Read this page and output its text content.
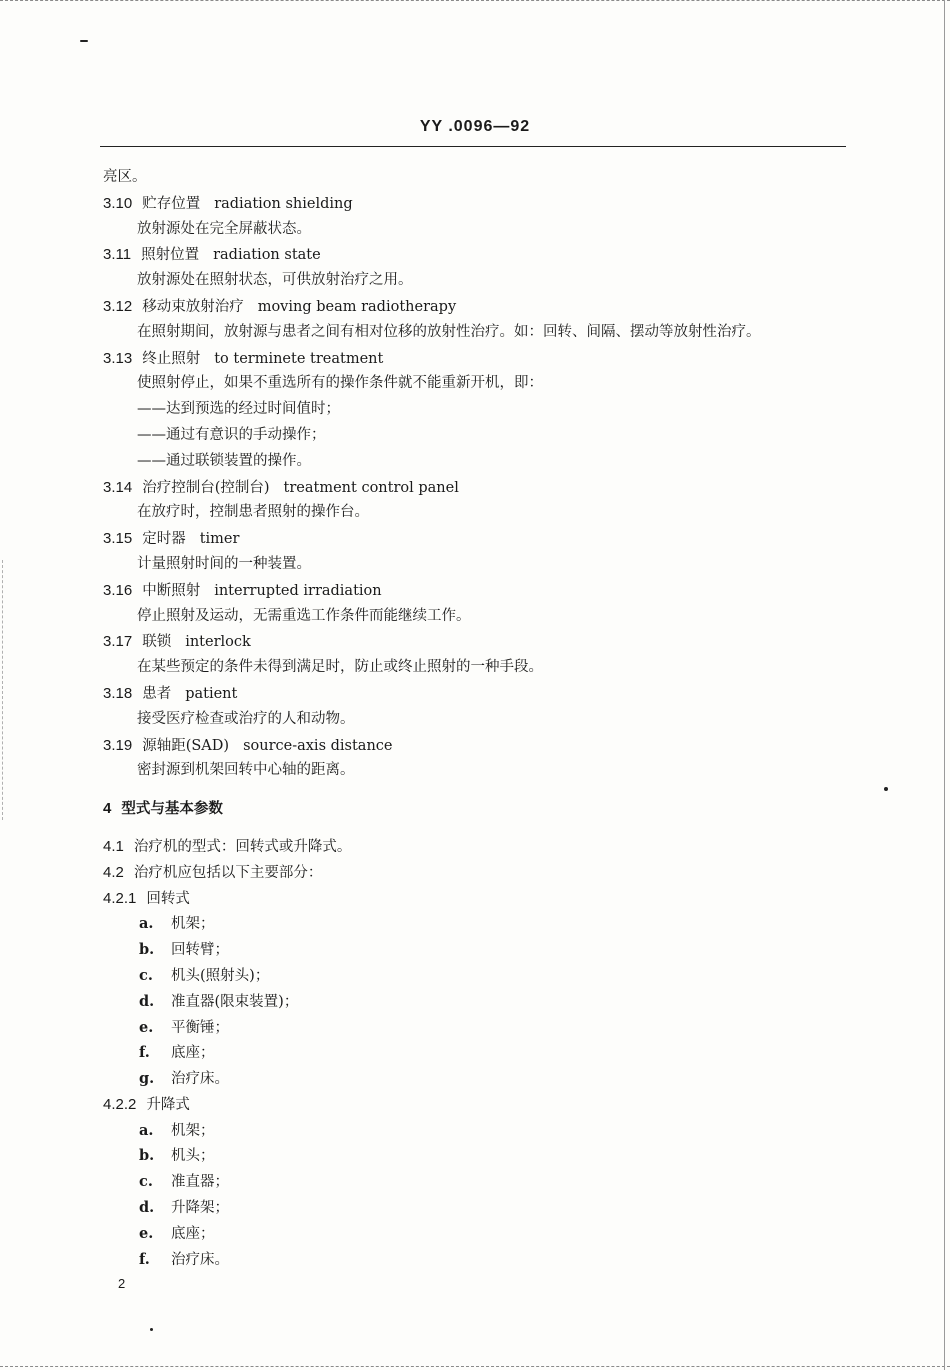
YY .0096—92
亮区。
3.10 贮存位置 radiation shielding
放射源处在完全屏蔽状态。
3.11 照射位置 radiation state
放射源处在照射状态，可供放射治疗之用。
3.12 移动束放射治疗 moving beam radiotherapy
在照射期间，放射源与患者之间有相对位移的放射性治疗。如：回转、间隔、摆动等放射性治疗。
3.13 终止照射 to terminete treatment
使照射停止，如果不重选所有的操作条件就不能重新开机，即：
——达到预选的经过时间值时；
——通过有意识的手动操作；
——通过联锁装置的操作。
3.14 治疗控制台(控制台) treatment control panel
在放疗时，控制患者照射的操作台。
3.15 定时器 timer
计量照射时间的一种装置。
3.16 中断照射 interrupted irradiation
停止照射及运动，无需重选工作条件而能继续工作。
3.17 联锁 interlock
在某些预定的条件未得到满足时，防止或终止照射的一种手段。
3.18 患者 patient
接受医疗检查或治疗的人和动物。
3.19 源轴距(SAD) source-axis distance
密封源到机架回转中心轴的距离。
4 型式与基本参数
4.1 治疗机的型式：回转式或升降式。
4.2 治疗机应包括以下主要部分：
4.2.1 回转式
a. 机架；
b. 回转臂；
c. 机头(照射头)；
d. 准直器(限束装置)；
e. 平衡锤；
f. 底座；
g. 治疗床。
4.2.2 升降式
a. 机架；
b. 机头；
c. 准直器；
d. 升降架；
e. 底座；
f. 治疗床。
2
